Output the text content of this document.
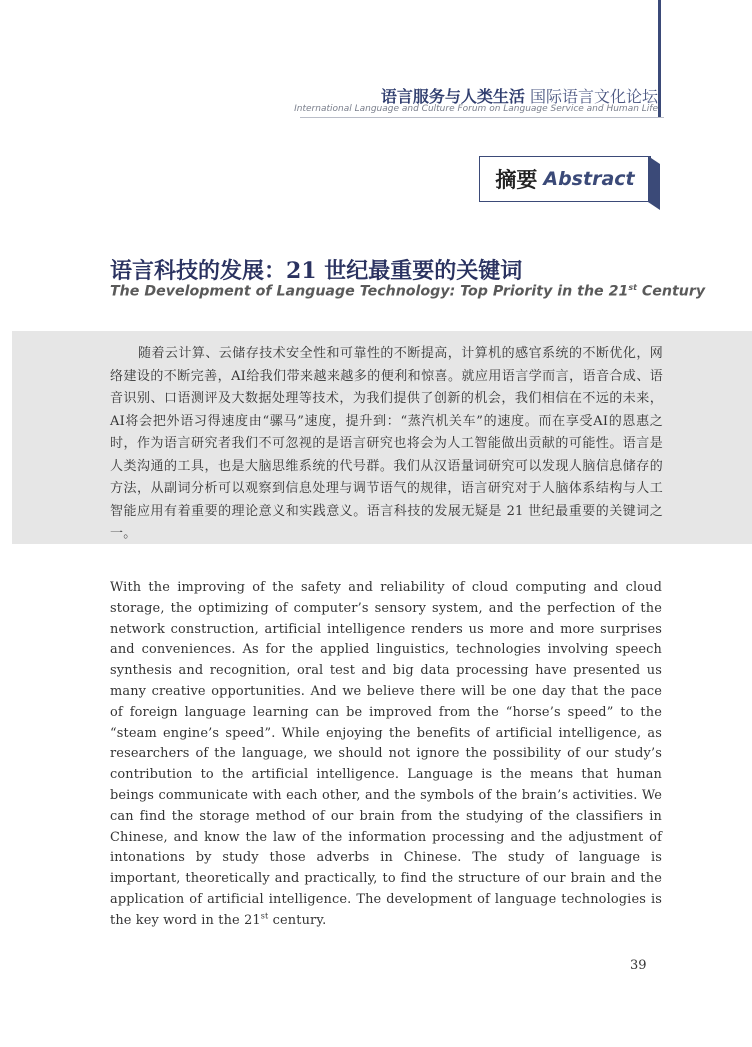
语言服务与人类生活 国际语言文化论坛
International Language and Culture Forum on Language Service and Human Life
摘要 Abstract
语言科技的发展：21 世纪最重要的关键词
The Development of Language Technology: Top Priority in the 21st Century
随着云计算、云储存技术安全性和可靠性的不断提高，计算机的感官系统的不断优化，网络建设的不断完善，AI给我们带来越来越多的便利和惊喜。就应用语言学而言，语音合成、语音识别、口语测评及大数据处理等技术，为我们提供了创新的机会，我们相信在不远的未来，AI将会把外语习得速度由“骡马”速度，提升到：“蒸汽机关车”的速度。而在享受AI的恩惠之时，作为语言研究者我们不可忽视的是语言研究也将会为人工智能做出贡献的可能性。语言是人类沟通的工具，也是大脑思维系统的代号群。我们从汉语量词研究可以发现人脑信息储存的方法，从副词分析可以观察到信息处理与调节语气的规律，语言研究对于人脑体系结构与人工智能应用有着重要的理论意义和实践意义。语言科技的发展无疑是 21 世纪最重要的关键词之一。
With the improving of the safety and reliability of cloud computing and cloud storage, the optimizing of computer’s sensory system, and the perfection of the network construction, artificial intelligence renders us more and more surprises and conveniences. As for the applied linguistics, technologies involving speech synthesis and recognition, oral test and big data processing have presented us many creative opportunities. And we believe there will be one day that the pace of foreign language learning can be improved from the “horse’s speed” to the “steam engine’s speed”. While enjoying the benefits of artificial intelligence, as researchers of the language, we should not ignore the possibility of our study’s contribution to the artificial intelligence. Language is the means that human beings communicate with each other, and the symbols of the brain’s activities. We can find the storage method of our brain from the studying of the classifiers in Chinese, and know the law of the information processing and the adjustment of intonations by study those adverbs in Chinese. The study of language is important, theoretically and practically, to find the structure of our brain and the application of artificial intelligence. The development of language technologies is the key word in the 21st century.
39
